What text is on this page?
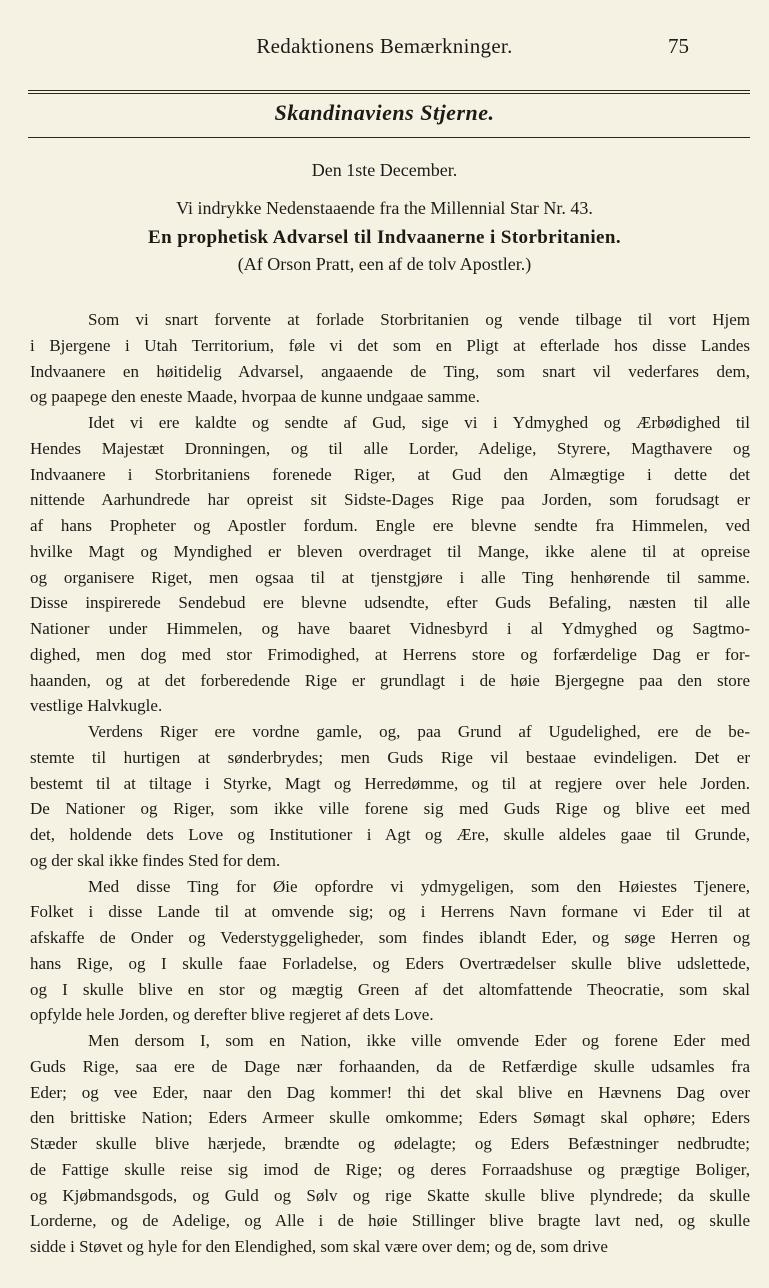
Redaktionens Bemærkninger.	75
Skandinaviens Stjerne.
Den 1ste December.
Vi indrykke Nedenstaaende fra the Millennial Star Nr. 43.
En prophetisk Advarsel til Indvaanerne i Storbritanien.
(Af Orson Pratt, een af de tolv Apostler.)
Som vi snart forvente at forlade Storbritanien og vende tilbage til vort Hjem
i Bjergene i Utah Territorium, føle vi det som en Pligt at efterlade hos disse Landes
Indvaanere en høitidelig Advarsel, angaaende de Ting, som snart vil vederfares dem,
og paapege den eneste Maade, hvorpaa de kunne undgaae samme.
Idet vi ere kaldte og sendte af Gud, sige vi i Ydmyghed og Ærbødighed til
Hendes Majestæt Dronningen, og til alle Lorder, Adelige, Styrere, Magthavere og
Indvaanere i Storbritaniens forenede Riger, at Gud den Almægtige i dette det
nittende Aarhundrede har opreist sit Sidste-Dages Rige paa Jorden, som forudsagt er
af hans Propheter og Apostler fordum. Engle ere blevne sendte fra Himmelen, ved
hvilke Magt og Myndighed er bleven overdraget til Mange, ikke alene til at opreise
og organisere Riget, men ogsaa til at tjenstgjøre i alle Ting henhørende til samme.
Disse inspirerede Sendebud ere blevne udsendte, efter Guds Befaling, næsten til alle
Nationer under Himmelen, og have baaret Vidnesbyrd i al Ydmyghed og Sagtmo-
dighed, men dog med stor Frimodighed, at Herrens store og forfærdelige Dag er for-
haanden, og at det forberedende Rige er grundlagt i de høie Bjergegne paa den store
vestlige Halvkugle.
Verdens Riger ere vordne gamle, og, paa Grund af Ugudelighed, ere de be-
stemte til hurtigen at sønderbrydes; men Guds Rige vil bestaae evindeligen. Det er
bestemt til at tiltage i Styrke, Magt og Herredømme, og til at regjere over hele Jorden.
De Nationer og Riger, som ikke ville forene sig med Guds Rige og blive eet med
det, holdende dets Love og Institutioner i Agt og Ære, skulle aldeles gaae til Grunde,
og der skal ikke findes Sted for dem.
Med disse Ting for Øie opfordre vi ydmygeligen, som den Høiestes Tjenere,
Folket i disse Lande til at omvende sig; og i Herrens Navn formane vi Eder til at
afskaffe de Onder og Vederstyggeligheder, som findes iblandt Eder, og søge Herren og
hans Rige, og I skulle faae Forladelse, og Eders Overtrædelser skulle blive udslettede,
og I skulle blive en stor og mægtig Green af det altomfattende Theocratie, som skal
opfylde hele Jorden, og derefter blive regjeret af dets Love.
Men dersom I, som en Nation, ikke ville omvende Eder og forene Eder med
Guds Rige, saa ere de Dage nær forhaanden, da de Retfærdige skulle udsamles fra
Eder; og vee Eder, naar den Dag kommer! thi det skal blive en Hævnens Dag over
den brittiske Nation; Eders Armeer skulle omkomme; Eders Sømagt skal ophøre; Eders
Stæder skulle blive hærjede, brændte og ødelagte; og Eders Befæstninger nedbrudte;
de Fattige skulle reise sig imod de Rige; og deres Forraadshuse og prægtige Boliger,
og Kjøbmandsgods, og Guld og Sølv og rige Skatte skulle blive plyndrede; da skulle
Lorderne, og de Adelige, og Alle i de høie Stillinger blive bragte lavt ned, og skulle
sidde i Støvet og hyle for den Elendighed, som skal være over dem; og de, som drive
